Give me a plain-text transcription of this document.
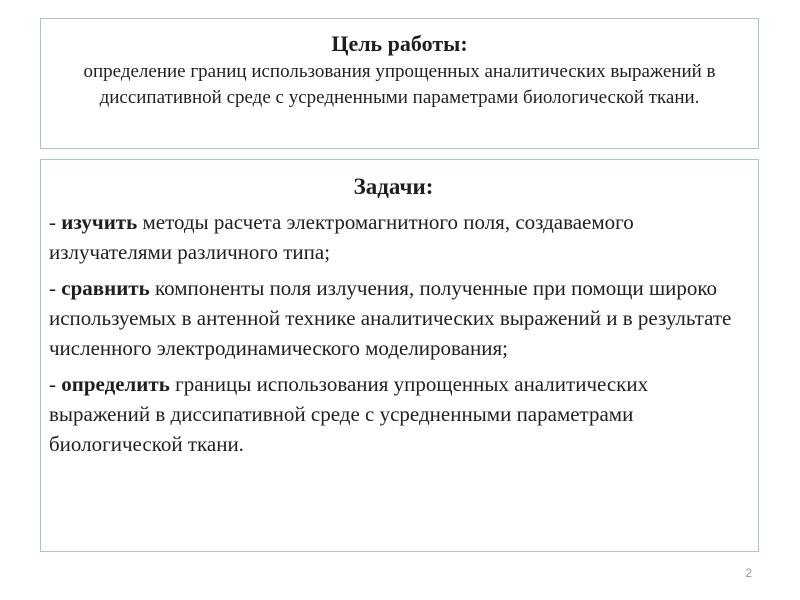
Цель работы:
определение границ использования упрощенных аналитических выражений в диссипативной среде с усредненными параметрами биологической ткани.
Задачи:
- изучить методы расчета электромагнитного поля, создаваемого излучателями различного типа;
- сравнить компоненты поля излучения, полученные при помощи широко используемых в антенной технике аналитических выражений и в результате численного электродинамического моделирования;
- определить границы использования упрощенных аналитических выражений в диссипативной среде с усредненными параметрами биологической ткани.
2
